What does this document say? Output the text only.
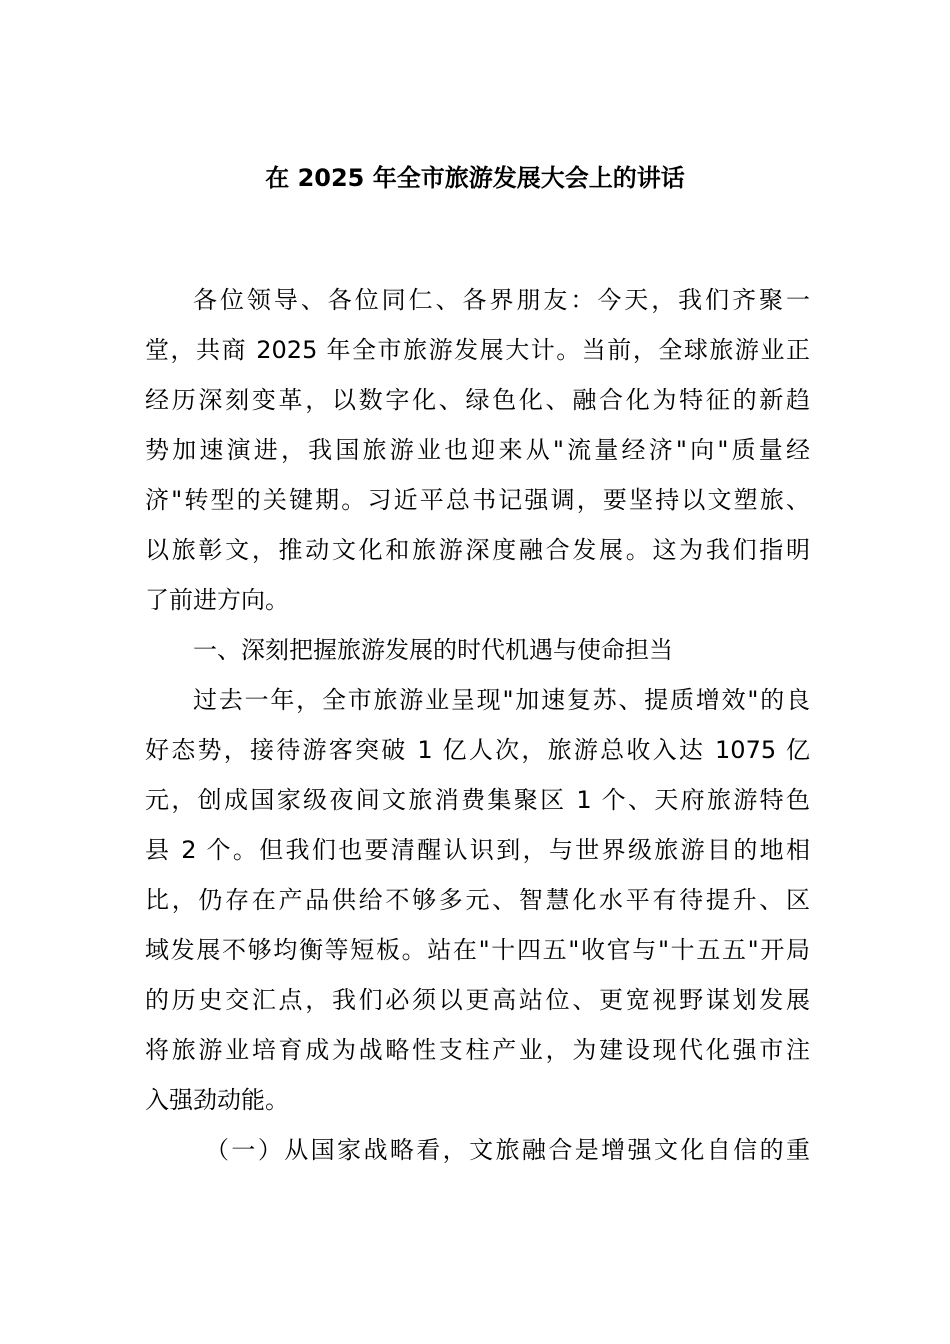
在 2025 年全市旅游发展大会上的讲话
各位领导、各位同仁、各界朋友：今天，我们齐聚一
堂，共商 2025 年全市旅游发展大计。当前，全球旅游业正
经历深刻变革，以数字化、绿色化、融合化为特征的新趋
势加速演进，我国旅游业也迎来从"流量经济"向"质量经
济"转型的关键期。习近平总书记强调，要坚持以文塑旅、
以旅彰文，推动文化和旅游深度融合发展。这为我们指明
了前进方向。
一、深刻把握旅游发展的时代机遇与使命担当
过去一年，全市旅游业呈现"加速复苏、提质增效"的良
好态势，接待游客突破 1 亿人次，旅游总收入达 1075 亿
元，创成国家级夜间文旅消费集聚区 1 个、天府旅游特色
县 2 个。但我们也要清醒认识到，与世界级旅游目的地相
比，仍存在产品供给不够多元、智慧化水平有待提升、区
域发展不够均衡等短板。站在"十四五"收官与"十五五"开局
的历史交汇点，我们必须以更高站位、更宽视野谋划发展
将旅游业培育成为战略性支柱产业，为建设现代化强市注
入强劲动能。
（一）从国家战略看，文旅融合是增强文化自信的重
